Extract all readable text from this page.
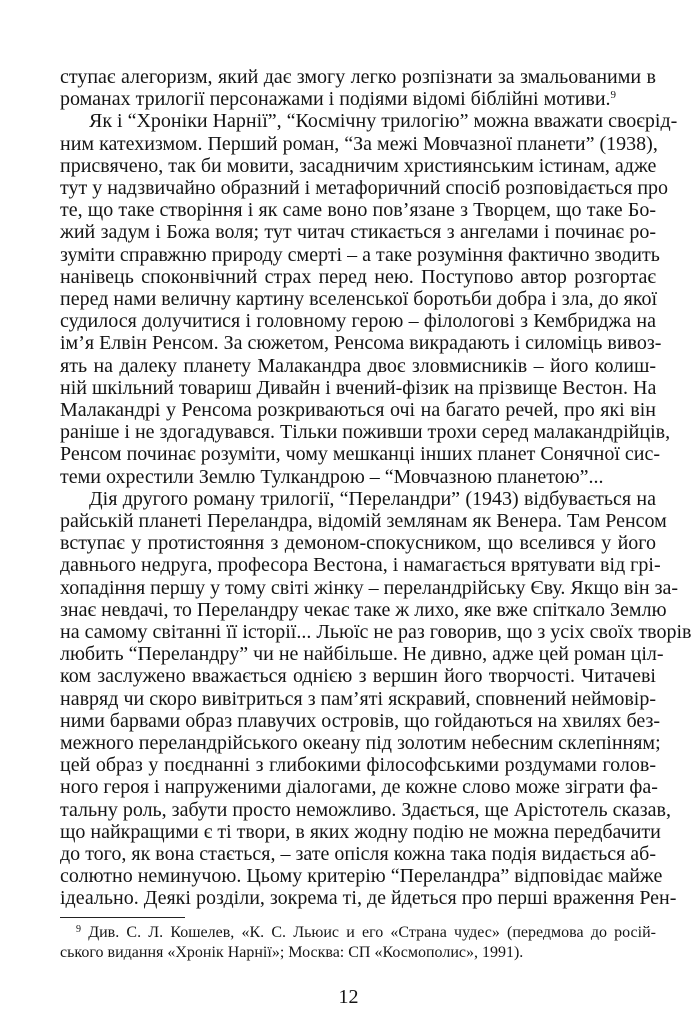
ступає алегоризм, який дає змогу легко розпізнати за змальованими в
романах трилогії персонажами і подіями відомі біблійні мотиви.$^9$
Як і “Хроніки Нарнії”, “Космічну трилогію” можна вважати своєрід-
ним катехизмом. Перший роман, “За межі Мовчазної планети” (1938),
присвячено, так би мовити, засадничим християнським істинам, адже
тут у надзвичайно образний і метафоричний спосіб розповідається про
те, що таке створіння і як саме воно пов’язане з Творцем, що таке Бо-
жий задум і Божа воля; тут читач стикається з ангелами і починає ро-
зуміти справжню природу смерті – а таке розуміння фактично зводить
нанівець споконвічний страх перед нею. Поступово автор розгортає
перед нами величну картину вселенської боротьби добра і зла, до якої
судилося долучитися і головному герою – філологові з Кембриджа на
ім’я Елвін Ренсом. За сюжетом, Ренсома викрадають і силоміць вивоз-
ять на далеку планету Малакандра двоє зловмисників – його колиш-
ній шкільний товариш Дивайн і вчений-фізик на прізвище Вестон. На
Малакандрі у Ренсома розкриваються очі на багато речей, про які він
раніше і не здогадувався. Тільки поживши трохи серед малакандрійців,
Ренсом починає розуміти, чому мешканці інших планет Сонячної сис-
теми охрестили Землю Тулкандрою – “Мовчазною планетою”...
Дія другого роману трилогії, “Переландри” (1943) відбувається на
райській планеті Переландра, відомій землянам як Венера. Там Ренсом
вступає у протистояння з демоном-спокусником, що вселився у його
давнього недруга, професора Вестона, і намагається врятувати від грі-
хопадіння першу у тому світі жінку – переландрійську Єву. Якщо він за-
знає невдачі, то Переландру чекає таке ж лихо, яке вже спіткало Землю
на самому світанні її історії... Льюїс не раз говорив, що з усіх своїх творів
любить “Переландру” чи не найбільше. Не дивно, адже цей роман ціл-
ком заслужено вважається однією з вершин його творчості. Читачеві
навряд чи скоро вивітриться з пам’яті яскравий, сповнений неймовір-
ними барвами образ плавучих островів, що гойдаються на хвилях без-
межного переландрійського океану під золотим небесним склепінням;
цей образ у поєднанні з глибокими філософськими роздумами голов-
ного героя і напруженими діалогами, де кожне слово може зіграти фа-
тальну роль, забути просто неможливо. Здається, ще Арістотель сказав,
що найкращими є ті твори, в яких жодну подію не можна передбачити
до того, як вона стається, – зате опісля кожна така подія видається аб-
$^9$ Див. С. Л. Кошелев, «К. С. Льюис и его «Страна чудес» (передмова до росій-
ського видання «Хронік Нарнії»; Москва: СП «Космополис», 1991).
12
солютно неминучою. Цьому критерію “Переландра” відповідає майже
ідеально. Деякі розділи, зокрема ті, де йдеться про перші враження Рен-
